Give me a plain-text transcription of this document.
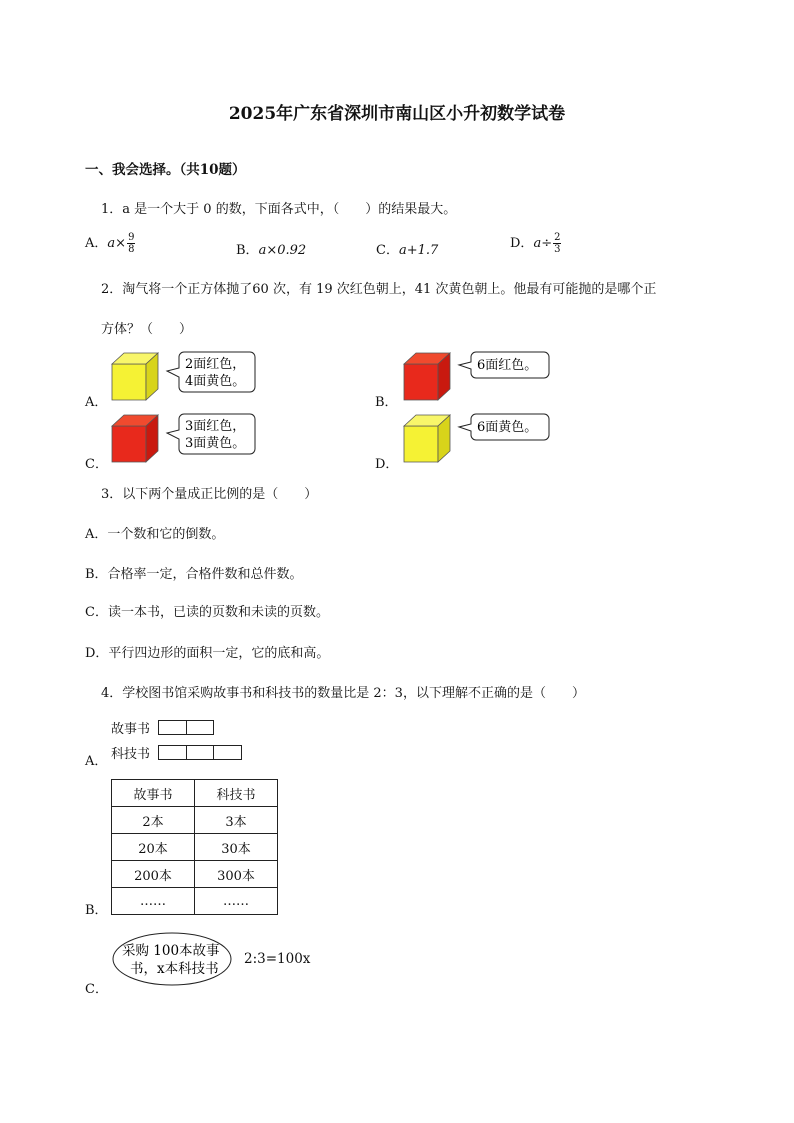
2025年广东省深圳市南山区小升初数学试卷
一、我会选择。（共10题）
1．a 是一个大于 0 的数，下面各式中，（　　）的结果最大。
A．$a\times \frac{9}{8}$	B．a×0.92	C．a+1.7	D．$a\div \frac{2}{3}$
2．淘气将一个正方体抛了60 次，有 19 次红色朝上，41 次黄色朝上。他最有可能抛的是哪个正
方体？（　　）
A．
2面红色，
4面黄色。
B．
6面红色。
C．
3面红色，
3面黄色。
D．
6面黄色。
3．以下两个量成正比例的是（　　）
A．一个数和它的倒数。
B．合格率一定，合格件数和总件数。
C．读一本书，已读的页数和未读的页数。
D．平行四边形的面积一定，它的底和高。
4．学校图书馆采购故事书和科技书的数量比是 2：3，以下理解不正确的是（　　）
A．
故事书
科技书
B．
故事书	科技书
2本	3本
20本	30本
200本	300本
……	……
C．
采购 100本故事
书，x本科技书
2:3=100x
